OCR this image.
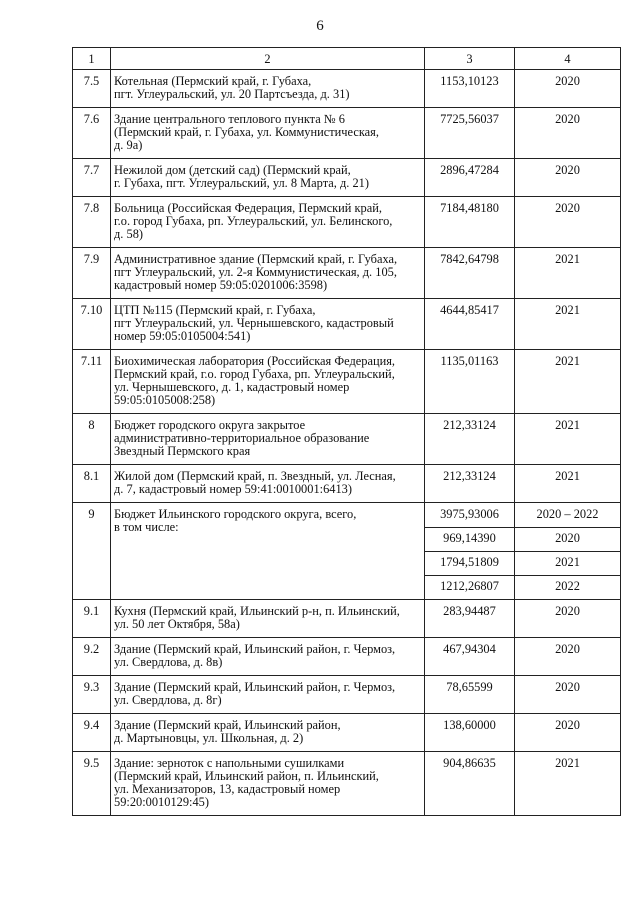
6
1	2	3	4
7.5	Котельная (Пермский край, г. Губаха,
пгт. Углеуральский, ул. 20 Партсъезда, д. 31)	1153,10123	2020
7.6	Здание центрального теплового пункта № 6
(Пермский край, г. Губаха, ул. Коммунистическая,
д. 9а)	7725,56037	2020
7.7	Нежилой дом (детский сад) (Пермский край,
г. Губаха, пгт. Углеуральский, ул. 8 Марта, д. 21)	2896,47284	2020
7.8	Больница (Российская Федерация, Пермский край,
г.о. город Губаха, рп. Углеуральский, ул. Белинского,
д. 58)	7184,48180	2020
7.9	Административное здание (Пермский край, г. Губаха,
пгт Углеуральский, ул. 2-я Коммунистическая, д. 105,
кадастровый номер 59:05:0201006:3598)	7842,64798	2021
7.10	ЦТП №115 (Пермский край, г. Губаха,
пгт Углеуральский, ул. Чернышевского, кадастровый
номер 59:05:0105004:541)	4644,85417	2021
7.11	Биохимическая лаборатория (Российская Федерация,
Пермский край, г.о. город Губаха, рп. Углеуральский,
ул. Чернышевского, д. 1, кадастровый номер
59:05:0105008:258)	1135,01163	2021
8	Бюджет городского округа закрытое
административно-территориальное образование
Звездный Пермского края	212,33124	2021
8.1	Жилой дом (Пермский край, п. Звездный, ул. Лесная,
д. 7, кадастровый номер 59:41:0010001:6413)	212,33124	2021
9	Бюджет Ильинского городского округа, всего,
в том числе:	3975,93006	2020 – 2022
		969,14390	2020
		1794,51809	2021
		1212,26807	2022
9.1	Кухня (Пермский край, Ильинский р-н, п. Ильинский,
ул. 50 лет Октября, 58а)	283,94487	2020
9.2	Здание (Пермский край, Ильинский район, г. Чермоз,
ул. Свердлова, д. 8в)	467,94304	2020
9.3	Здание (Пермский край, Ильинский район, г. Чермоз,
ул. Свердлова, д. 8г)	78,65599	2020
9.4	Здание (Пермский край, Ильинский район,
д. Мартыновцы, ул. Школьная, д. 2)	138,60000	2020
9.5	Здание: зерноток с напольными сушилками
(Пермский край, Ильинский район, п. Ильинский,
ул. Механизаторов, 13, кадастровый номер
59:20:0010129:45)	904,86635	2021
